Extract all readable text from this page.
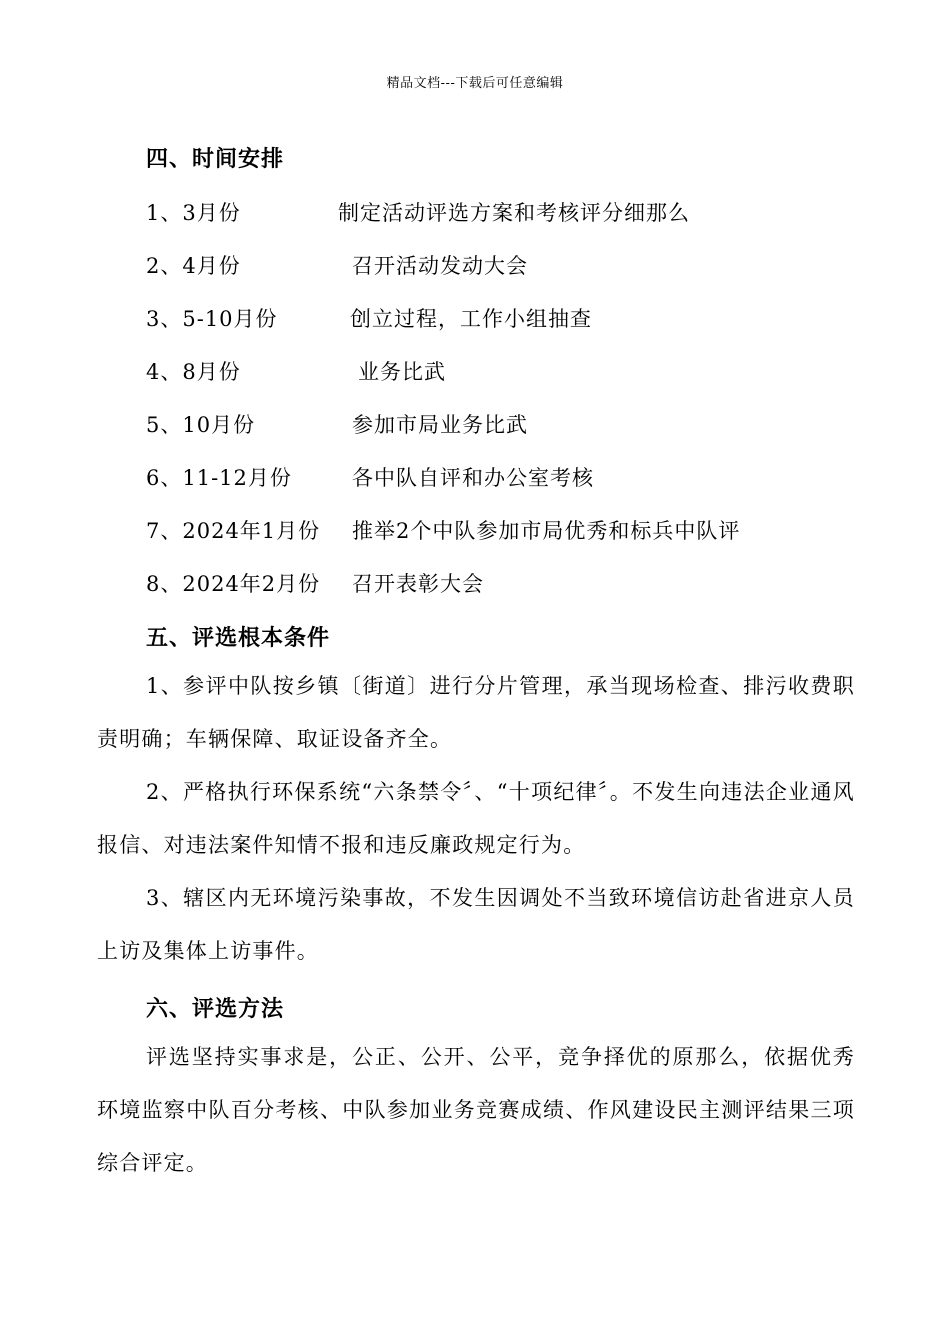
精品文档---下载后可任意编辑
四、时间安排
1、3月份	制定活动评选方案和考核评分细那么
2、4月份	召开活动发动大会
3、5-10月份	创立过程，工作小组抽查
4、8月份	业务比武
5、10月份	参加市局业务比武
6、11-12月份	各中队自评和办公室考核
7、2024年1月份 推举2个中队参加市局优秀和标兵中队评
8、2024年2月份 召开表彰大会
五、评选根本条件
1、参评中队按乡镇〔街道〕进行分片管理，承当现场检查、排污收费职责明确；车辆保障、取证设备齐全。
2、严格执行环保系统“六条禁令〞、“十项纪律〞。不发生向违法企业通风报信、对违法案件知情不报和违反廉政规定行为。
3、辖区内无环境污染事故，不发生因调处不当致环境信访赴省进京人员上访及集体上访事件。
六、评选方法
评选坚持实事求是，公正、公开、公平，竞争择优的原那么，依据优秀环境监察中队百分考核、中队参加业务竞赛成绩、作风建设民主测评结果三项综合评定。
